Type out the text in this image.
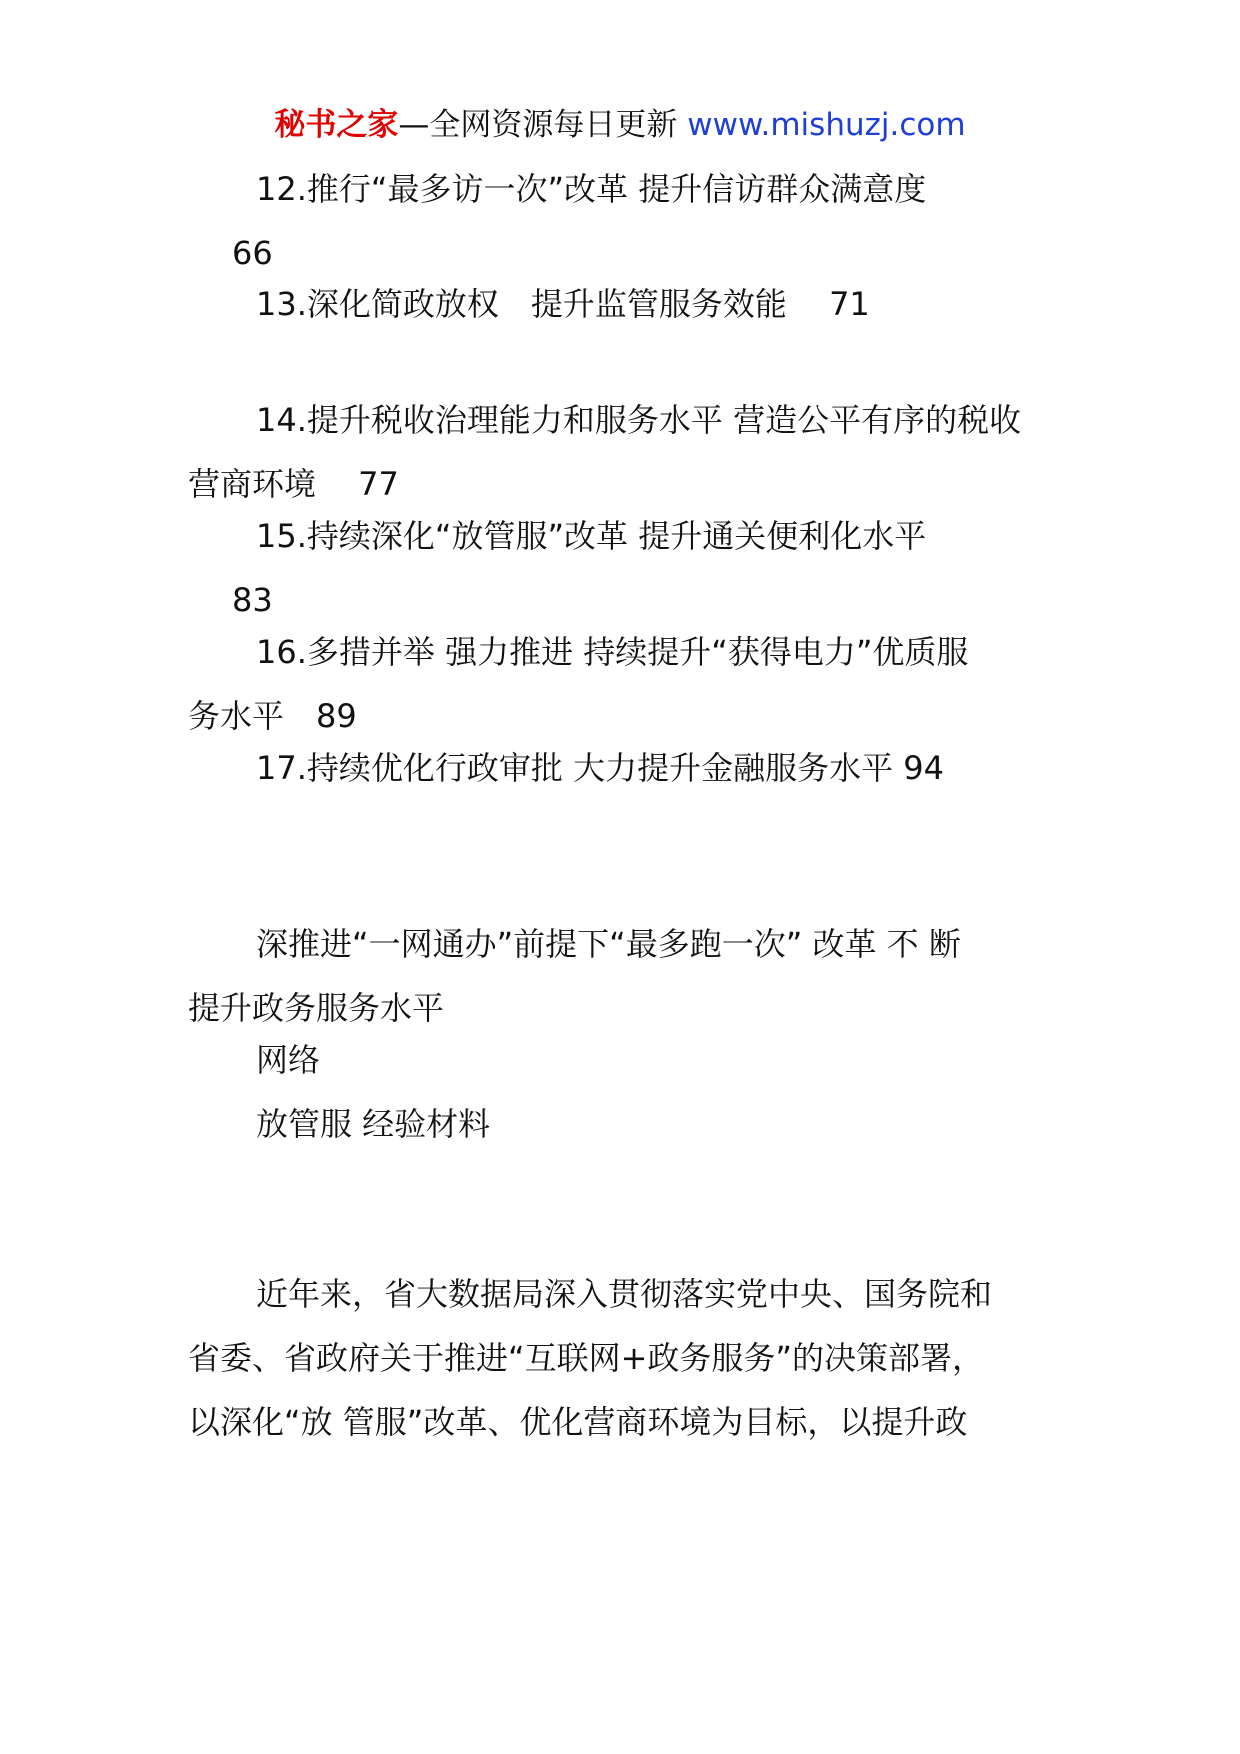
秘书之家—全网资源每日更新 www.mishuzj.com
12.推行“最多访一次”改革 提升信访群众满意度
66
13.深化简政放权　提升监管服务效能　 71
14.提升税收治理能力和服务水平 营造公平有序的税收
营商环境　 77
15.持续深化“放管服”改革 提升通关便利化水平
83
16.多措并举 强力推进 持续提升“获得电力”优质服
务水平　89
17.持续优化行政审批 大力提升金融服务水平 94
深推进“一网通办”前提下“最多跑一次” 改革 不 断
提升政务服务水平
网络
放管服 经验材料
近年来，省大数据局深入贯彻落实党中央、国务院和
省委、省政府关于推进“互联网+政务服务”的决策部署，
以深化“放 管服”改革、优化营商环境为目标，以提升政
